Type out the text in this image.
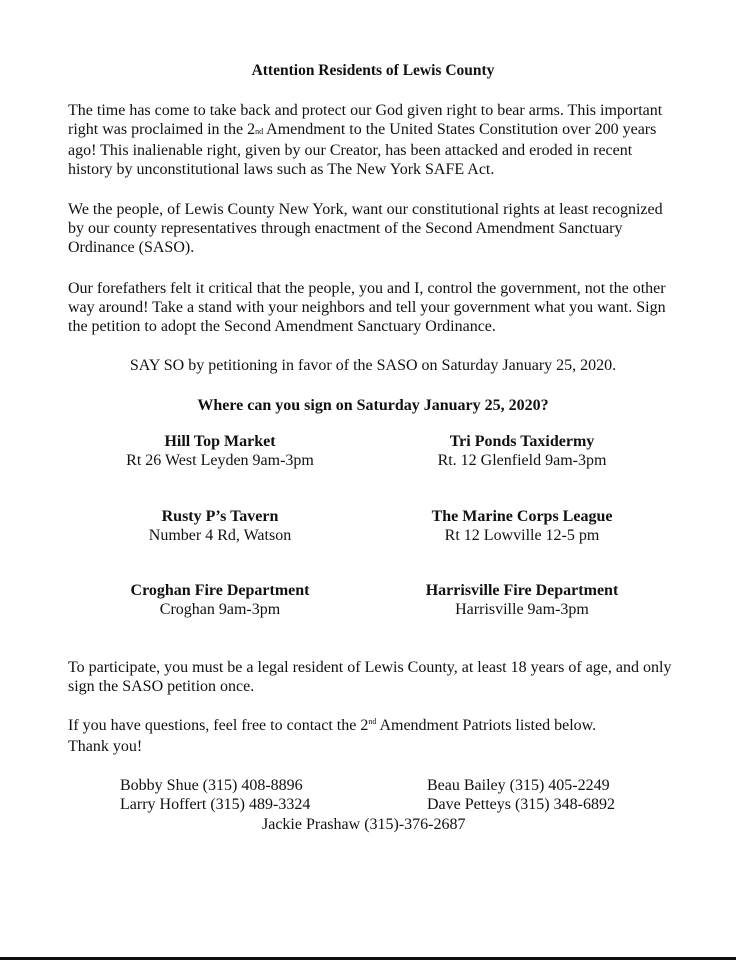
Attention Residents of Lewis County
The time has come to take back and protect our God given right to bear arms. This important right was proclaimed in the 2nd Amendment to the United States Constitution over 200 years ago! This inalienable right, given by our Creator, has been attacked and eroded in recent history by unconstitutional laws such as The New York SAFE Act.
We the people, of Lewis County New York, want our constitutional rights at least recognized by our county representatives through enactment of the Second Amendment Sanctuary Ordinance (SASO).
Our forefathers felt it critical that the people, you and I, control the government, not the other way around! Take a stand with your neighbors and tell your government what you want. Sign the petition to adopt the Second Amendment Sanctuary Ordinance.
SAY SO by petitioning in favor of the SASO on Saturday January 25, 2020.
Where can you sign on Saturday January 25, 2020?
Hill Top Market
Rt 26 West Leyden 9am-3pm
Tri Ponds Taxidermy
Rt. 12 Glenfield 9am-3pm
Rusty P’s Tavern
Number 4 Rd, Watson
The Marine Corps League
Rt 12 Lowville 12-5 pm
Croghan Fire Department
Croghan 9am-3pm
Harrisville Fire Department
Harrisville 9am-3pm
To participate, you must be a legal resident of Lewis County, at least 18 years of age, and only sign the SASO petition once.
If you have questions, feel free to contact the 2nd Amendment Patriots listed below.
Thank you!
Bobby Shue (315) 408-8896
Larry Hoffert (315) 489-3324
Beau Bailey (315) 405-2249
Dave Petteys (315) 348-6892
Jackie Prashaw (315)-376-2687
